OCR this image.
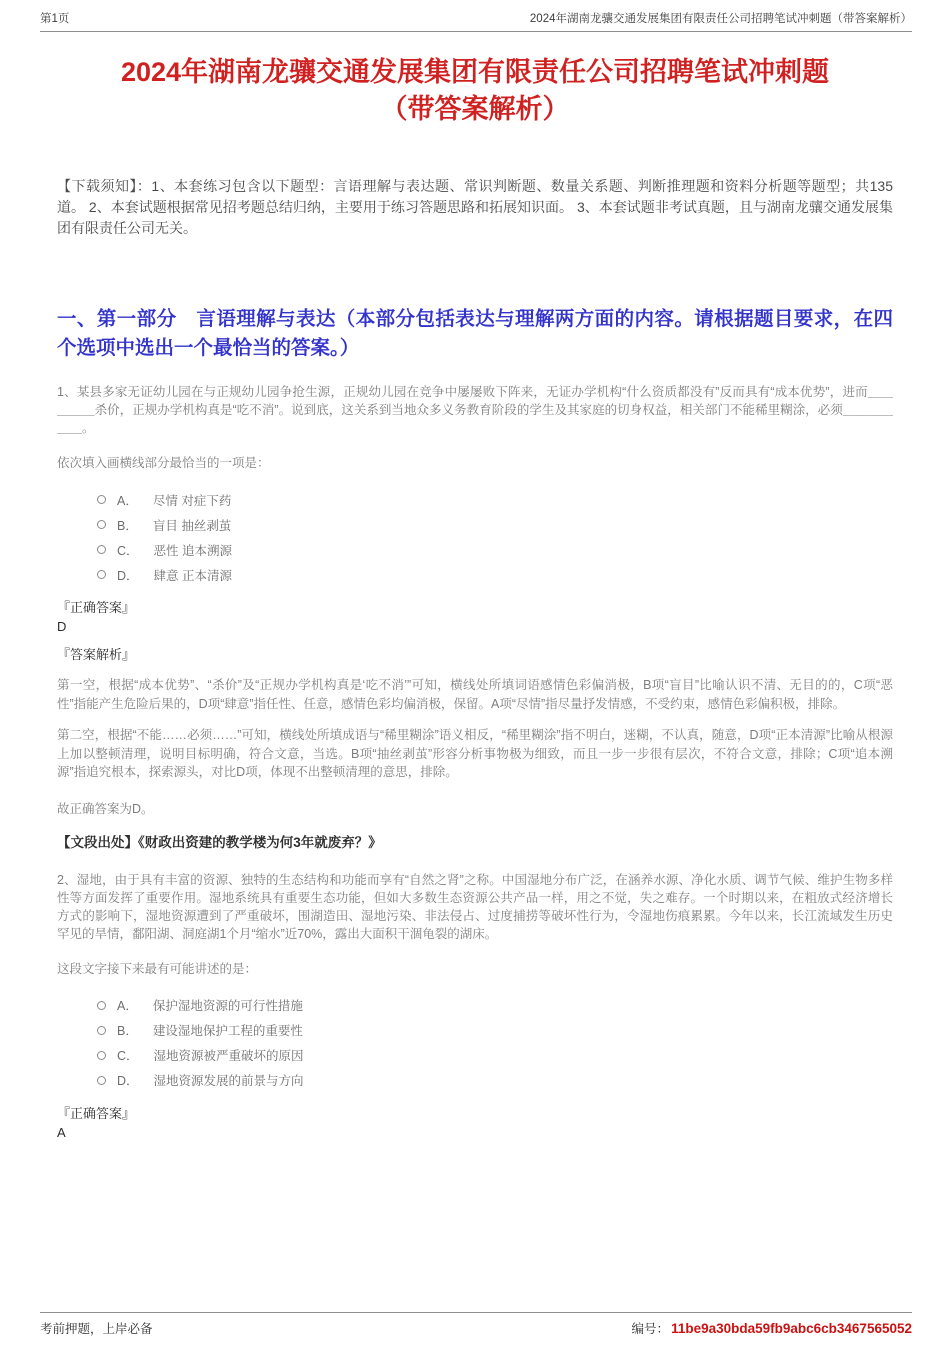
第1页	2024年湖南龙骧交通发展集团有限责任公司招聘笔试冲刺题（带答案解析）
2024年湖南龙骧交通发展集团有限责任公司招聘笔试冲刺题
（带答案解析）
【下载须知】：1、本套练习包含以下题型：言语理解与表达题、常识判断题、数量关系题、判断推理题和资料分析题等题型；共135道。 2、本套试题根据常见招考题总结归纳，主要用于练习答题思路和拓展知识面。 3、本套试题非考试真题，且与湖南龙骧交通发展集团有限责任公司无关。
一、第一部分　言语理解与表达（本部分包括表达与理解两方面的内容。请根据题目要求，在四个选项中选出一个最恰当的答案。）
1、某县多家无证幼儿园在与正规幼儿园争抢生源，正规幼儿园在竞争中屡屡败下阵来，无证办学机构“什么资质都没有”反而具有“成本优势”，进而＿＿＿＿＿杀价，正规办学机构真是“吃不消”。说到底，这关系到当地众多义务教育阶段的学生及其家庭的切身权益，相关部门不能稀里糊涂，必须＿＿＿＿＿＿。
依次填入画横线部分最恰当的一项是：
A． 尽情 对症下药
B． 盲目 抽丝剥茧
C． 恶性 追本溯源
D． 肆意 正本清源
『正确答案』
D
『答案解析』
第一空，根据“成本优势”、“杀价”及“正规办学机构真是‘吃不消’”可知，横线处所填词语感情色彩偏消极，B项“盲目”比喻认识不清、无目的的，C项“恶性”指能产生危险后果的，D项“肆意”指任性、任意，感情色彩均偏消极，保留。A项“尽情”指尽量抒发情感，不受约束，感情色彩偏积极，排除。
第二空，根据“不能……必须……”可知，横线处所填成语与“稀里糊涂”语义相反，“稀里糊涂”指不明白，迷糊，不认真，随意，D项“正本清源”比喻从根源上加以整顿清理，说明目标明确，符合文意，当选。B项“抽丝剥茧”形容分析事物极为细致，而且一步一步很有层次，不符合文意，排除；C项“追本溯源”指追究根本，探索源头，对比D项，体现不出整顿清理的意思，排除。
故正确答案为D。
【文段出处】《财政出资建的教学楼为何3年就废弃？》
2、湿地，由于具有丰富的资源、独特的生态结构和功能而享有“自然之肾”之称。中国湿地分布广泛，在涵养水源、净化水质、调节气候、维护生物多样性等方面发挥了重要作用。湿地系统具有重要生态功能，但如大多数生态资源公共产品一样，用之不觉，失之难存。一个时期以来，在粗放式经济增长方式的影响下，湿地资源遭到了严重破坏，围湖造田、湿地污染、非法侵占、过度捕捞等破坏性行为，令湿地伤痕累累。今年以来，长江流域发生历史罕见的旱情，鄱阳湖、洞庭湖1个月“缩水”近70%，露出大面积干涸龟裂的湖床。
这段文字接下来最有可能讲述的是：
A． 保护湿地资源的可行性措施
B． 建设湿地保护工程的重要性
C． 湿地资源被严重破坏的原因
D． 湿地资源发展的前景与方向
『正确答案』
A
考前押题，上岸必备	编号： 11be9a30bda59fb9abc6cb3467565052
